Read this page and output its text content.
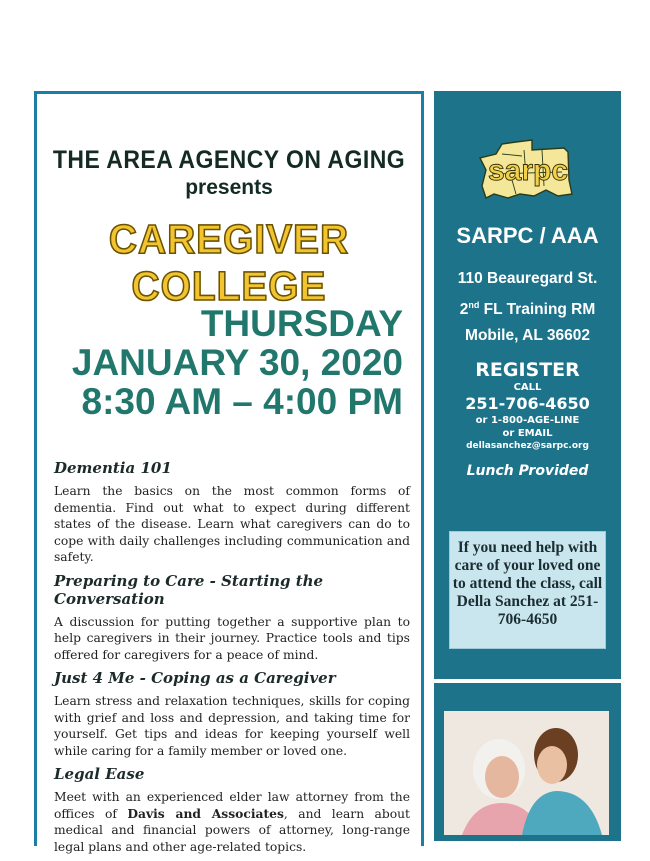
THE AREA AGENCY ON AGING
presents
CAREGIVER COLLEGE
THURSDAY
JANUARY 30, 2020
8:30 AM – 4:00 PM

Dementia 101

Learn the basics on the most common forms of dementia. Find out what to expect during different states of the disease. Learn what caregivers can do to cope with daily challenges including communication and safety.

Preparing to Care - Starting the Conversation

A discussion for putting together a supportive plan to help caregivers in their journey. Practice tools and tips offered for caregivers for a peace of mind.

Just 4 Me - Coping as a Caregiver

Learn stress and relaxation techniques, skills for coping with grief and loss and depression, and taking time for yourself. Get tips and ideas for keeping yourself well while caring for a family member or loved one.

Legal Ease

Meet with an experienced elder law attorney from the offices of Davis and Associates, and learn about medical and financial powers of attorney, long-range legal plans and other age-related topics.

sarpc
SARPC / AAA
110 Beauregard St.
2nd FL Training RM
Mobile, AL 36602
REGISTER
CALL
251-706-4650
or 1-800-AGE-LINE
or EMAIL
dellasanchez@sarpc.org
Lunch Provided
If you need help with care of your loved one to attend the class, call Della Sanchez at 251-706-4650
